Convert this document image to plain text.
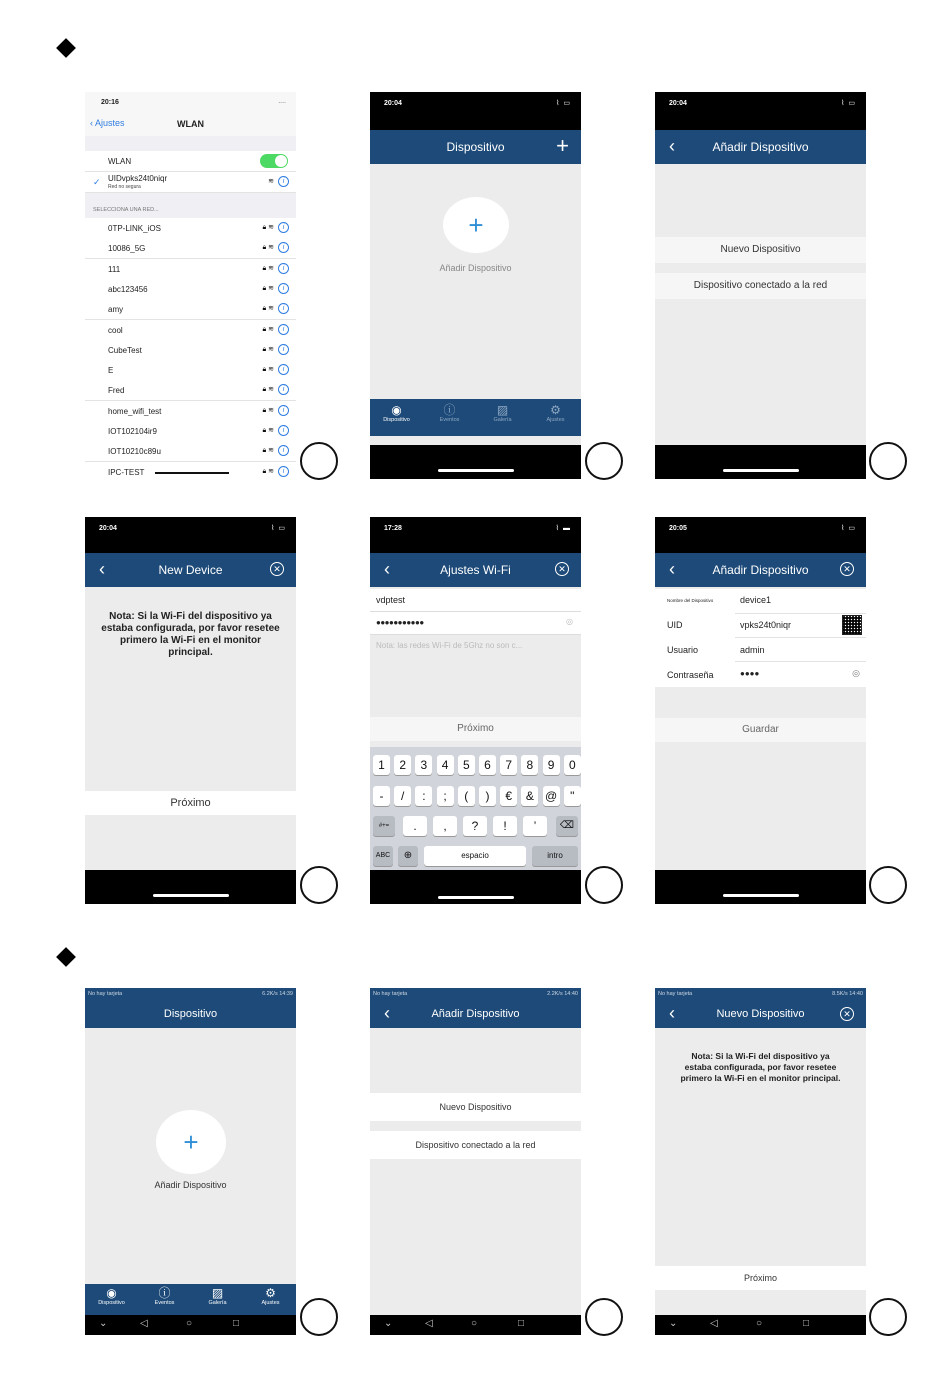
20:16	....
‹ Ajustes	WLAN
WLAN
✓ UIDvpks24t0niqr
Red no segura
≋ i
SELECCIONA UNA RED...
0TP-LINK_iOS	🔒︎ ≋ i
10086_5G	🔒︎ ≋ i
111	🔒︎ ≋ i
abc123456	🔒︎ ≋ i
amy	🔒︎ ≋ i
cool	🔒︎ ≋ i
CubeTest	🔒︎ ≋ i
E	🔒︎ ≋ i
Fred	🔒︎ ≋ i
home_wifi_test	🔒︎ ≋ i
IOT102104ir9	🔒︎ ≋ i
IOT10210c89u	🔒︎ ≋ i
IPC-TEST	🔒︎ ≋ i
20:04	⌇ ▭
Dispositivo	+
+
Añadir Dispositivo
◉
Dispositivo
ⓘ
Eventos
▨
Galería
⚙
Ajustes
20:04	⌇ ▭
‹	Añadir Dispositivo
Nuevo Dispositivo
Dispositivo conectado a la red
20:04	⌇ ▭
‹	New Device	✕
Nota: Si la Wi-Fi del dispositivo ya estaba configurada, por favor resetee primero la Wi-Fi en el monitor principal.
Próximo
17:28	⌇ ▬
‹	Ajustes Wi-Fi	✕
vdptest
●●●●●●●●●●●	◎
Nota: las redes Wi-Fi de 5Ghz no son c...
Próximo
1	2	3	4	5	6	7	8	9	0
-	/	:	;	(	)	€	& @	"
#+=	.	,	?	!	’	⌫
ABC	⊕	espacio	intro
20:05	⌇ ▭
‹	Añadir Dispositivo	✕
Nombre del Dispositivo	device1
UID	vpks24t0niqr
Usuario	admin
Contraseña	●●●●	◎
Guardar
No hay tarjeta	6.2K/s 14:39
Dispositivo
+
Añadir Dispositivo
◉
Dispositivo
ⓘ
Eventos
▨
Galería
⚙
Ajustes
⌄	◁	○	□
No hay tarjeta	2.2K/s 14:40
‹	Añadir Dispositivo
Nuevo Dispositivo
Dispositivo conectado a la red
⌄	◁	○	□
No hay tarjeta	8.5K/s 14:40
‹	Nuevo Dispositivo	✕
Nota: Si la Wi-Fi del dispositivo ya estaba configurada, por favor resetee primero la Wi-Fi en el monitor principal.
Próximo
⌄	◁	○	□
